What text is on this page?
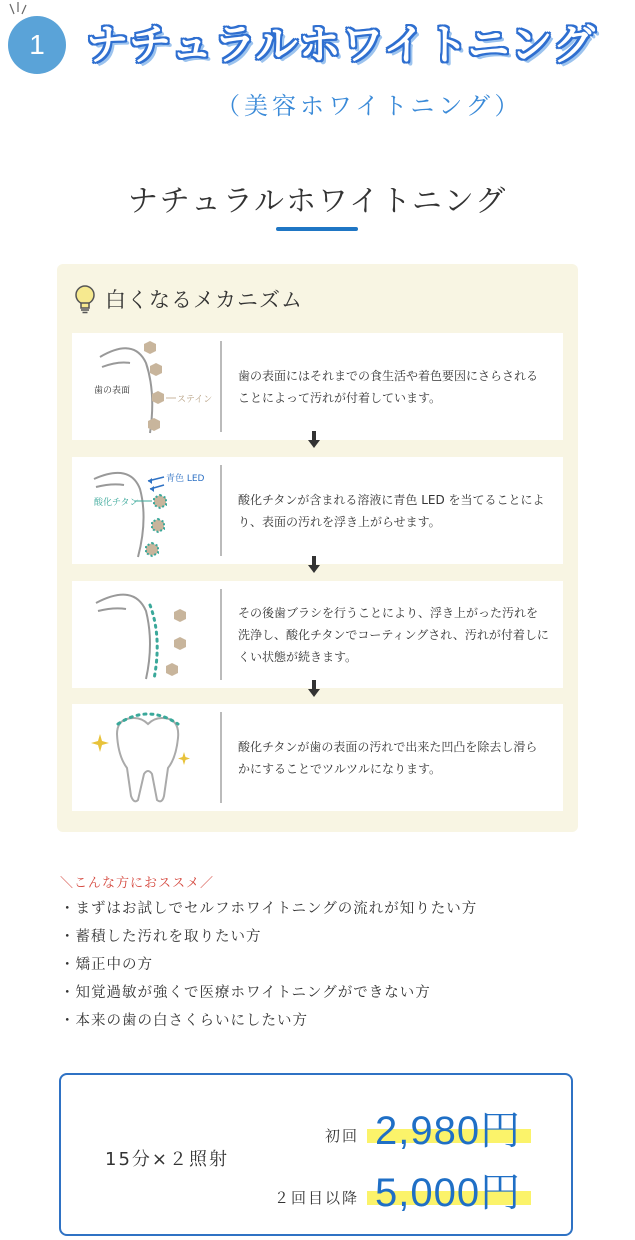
1 ナチュラルホワイトニング
（美容ホワイトニング）
ナチュラルホワイトニング
白くなるメカニズム
歯の表面
ステイン
歯の表面にはそれまでの食生活や着色要因にさらされることによって汚れが付着しています。
青色 LED
酸化チタン	酸化チタンが含まれる溶液に青色 LED を当てることにより、表面の汚れを浮き上がらせます。
その後歯ブラシを行うことにより、浮き上がった汚れを洗浄し、酸化チタンでコーティングされ、汚れが付着しにくい状態が続きます。
酸化チタンが歯の表面の汚れで出来た凹凸を除去し滑らかにすることでツルツルになります。
＼こんな方におススメ／
・まずはお試しでセルフホワイトニングの流れが知りたい方
・蓄積した汚れを取りたい方
・矯正中の方
・知覚過敏が強くで医療ホワイトニングができない方
・本来の歯の白さくらいにしたい方
15分×２照射
初回 2,980円
２回目以降 5,000円
